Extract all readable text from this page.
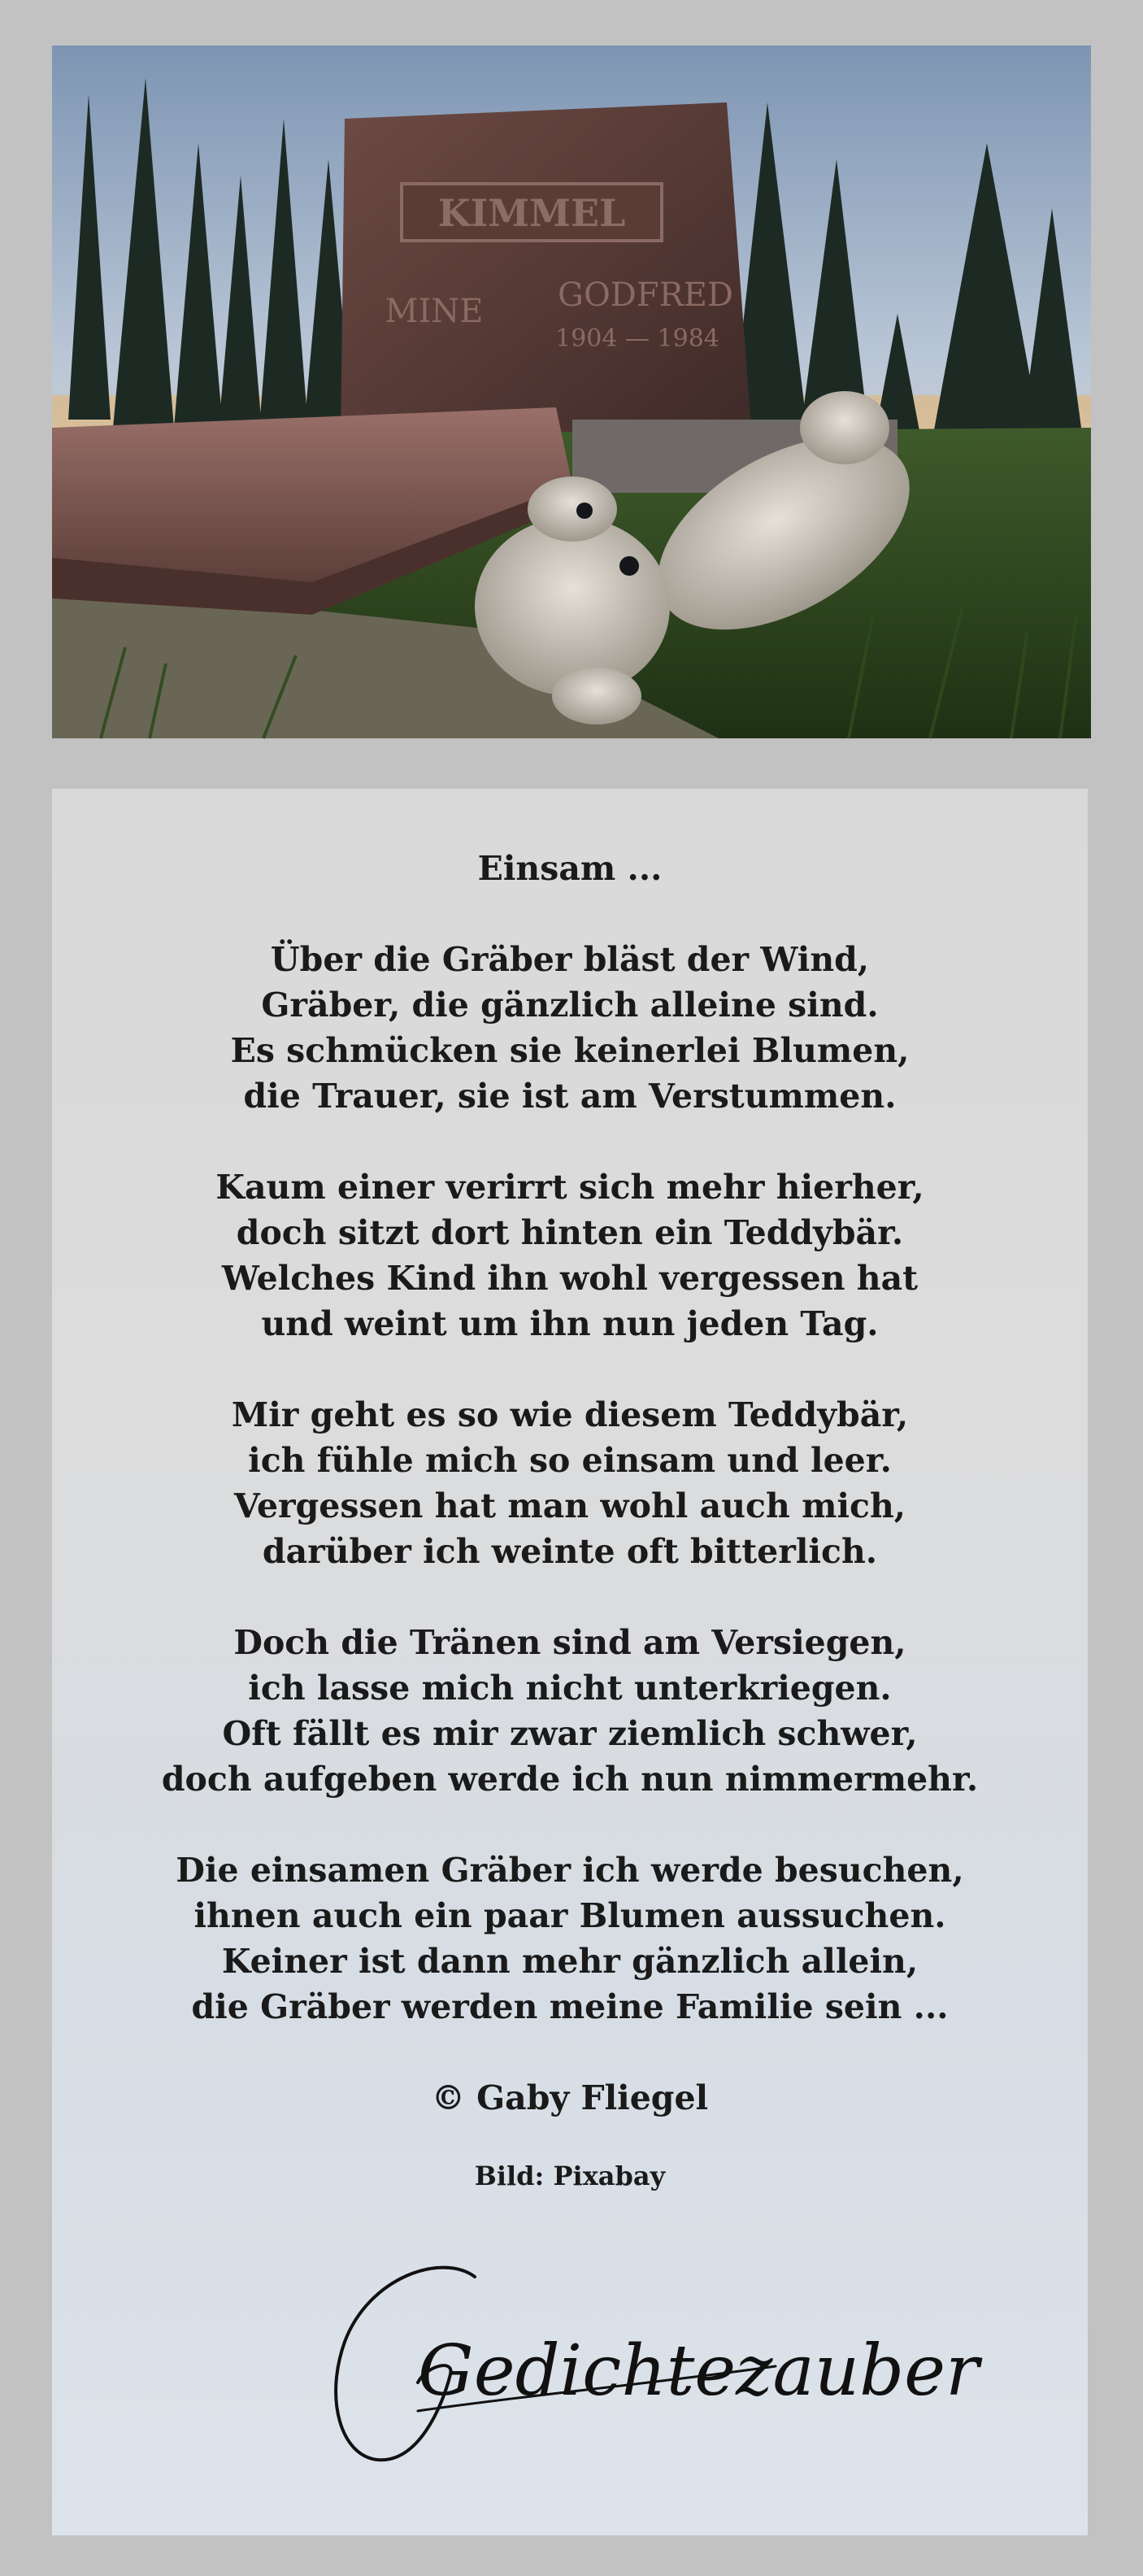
KIMMEL
MINE GODFRED
1904 — 1984
Einsam ...
Über die Gräber bläst der Wind,
Gräber, die gänzlich alleine sind.
Es schmücken sie keinerlei Blumen,
die Trauer, sie ist am Verstummen.
Kaum einer verirrt sich mehr hierher,
doch sitzt dort hinten ein Teddybär.
Welches Kind ihn wohl vergessen hat
und weint um ihn nun jeden Tag.
Mir geht es so wie diesem Teddybär,
ich fühle mich so einsam und leer.
Vergessen hat man wohl auch mich,
darüber ich weinte oft bitterlich.
Doch die Tränen sind am Versiegen,
ich lasse mich nicht unterkriegen.
Oft fällt es mir zwar ziemlich schwer,
doch aufgeben werde ich nun nimmermehr.
Die einsamen Gräber ich werde besuchen,
ihnen auch ein paar Blumen aussuchen.
Keiner ist dann mehr gänzlich allein,
die Gräber werden meine Familie sein ...
© Gaby Fliegel
Bild: Pixabay
Gedichtezauber
